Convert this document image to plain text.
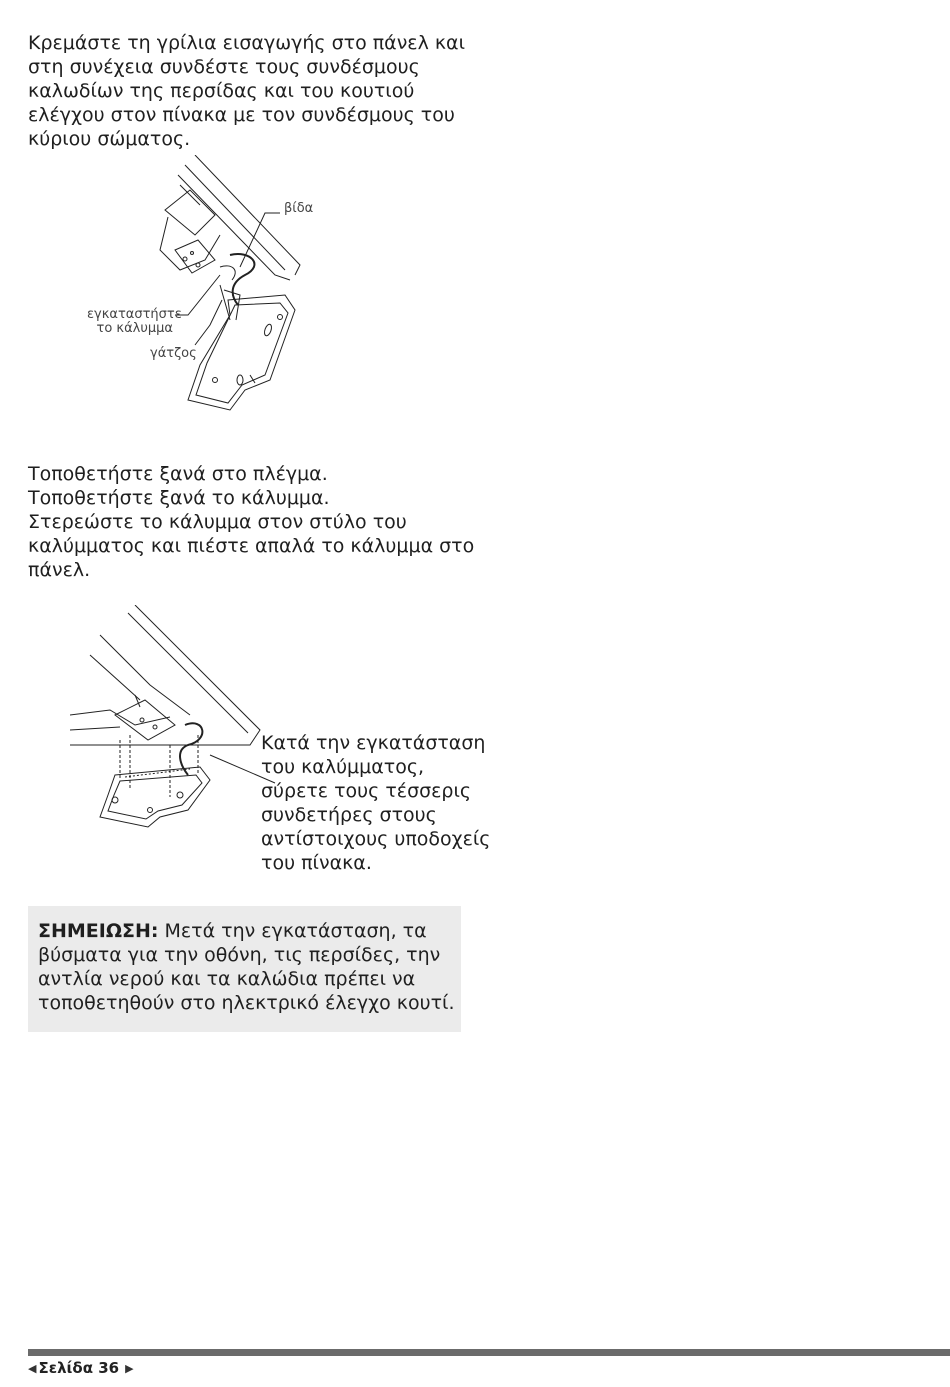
Κρεμάστε τη γρίλια εισαγωγής στο πάνελ και
στη συνέχεια συνδέστε τους συνδέσμους
καλωδίων της περσίδας και του κουτιού
ελέγχου στον πίνακα με τον συνδέσμους του
κύριου σώματος.
βίδα
εγκαταστήστε
το κάλυμμα
γάτζος
Τοποθετήστε ξανά στο πλέγμα.
Τοποθετήστε ξανά το κάλυμμα.
Στερεώστε το κάλυμμα στον στύλο του
καλύμματος και πιέστε απαλά το κάλυμμα στο
πάνελ.
Κατά την εγκατάσταση
του καλύμματος,
σύρετε τους τέσσερις
συνδετήρες στους
αντίστοιχους υποδοχείς
του πίνακα.
ΣΗΜΕΙΩΣΗ: Μετά την εγκατάσταση, τα
βύσματα για την οθόνη, τις περσίδες, την
αντλία νερού και τα καλώδια πρέπει να
τοποθετηθούν στο ηλεκτρικό έλεγχο κουτί.
◀ Σελίδα 36 ▶
